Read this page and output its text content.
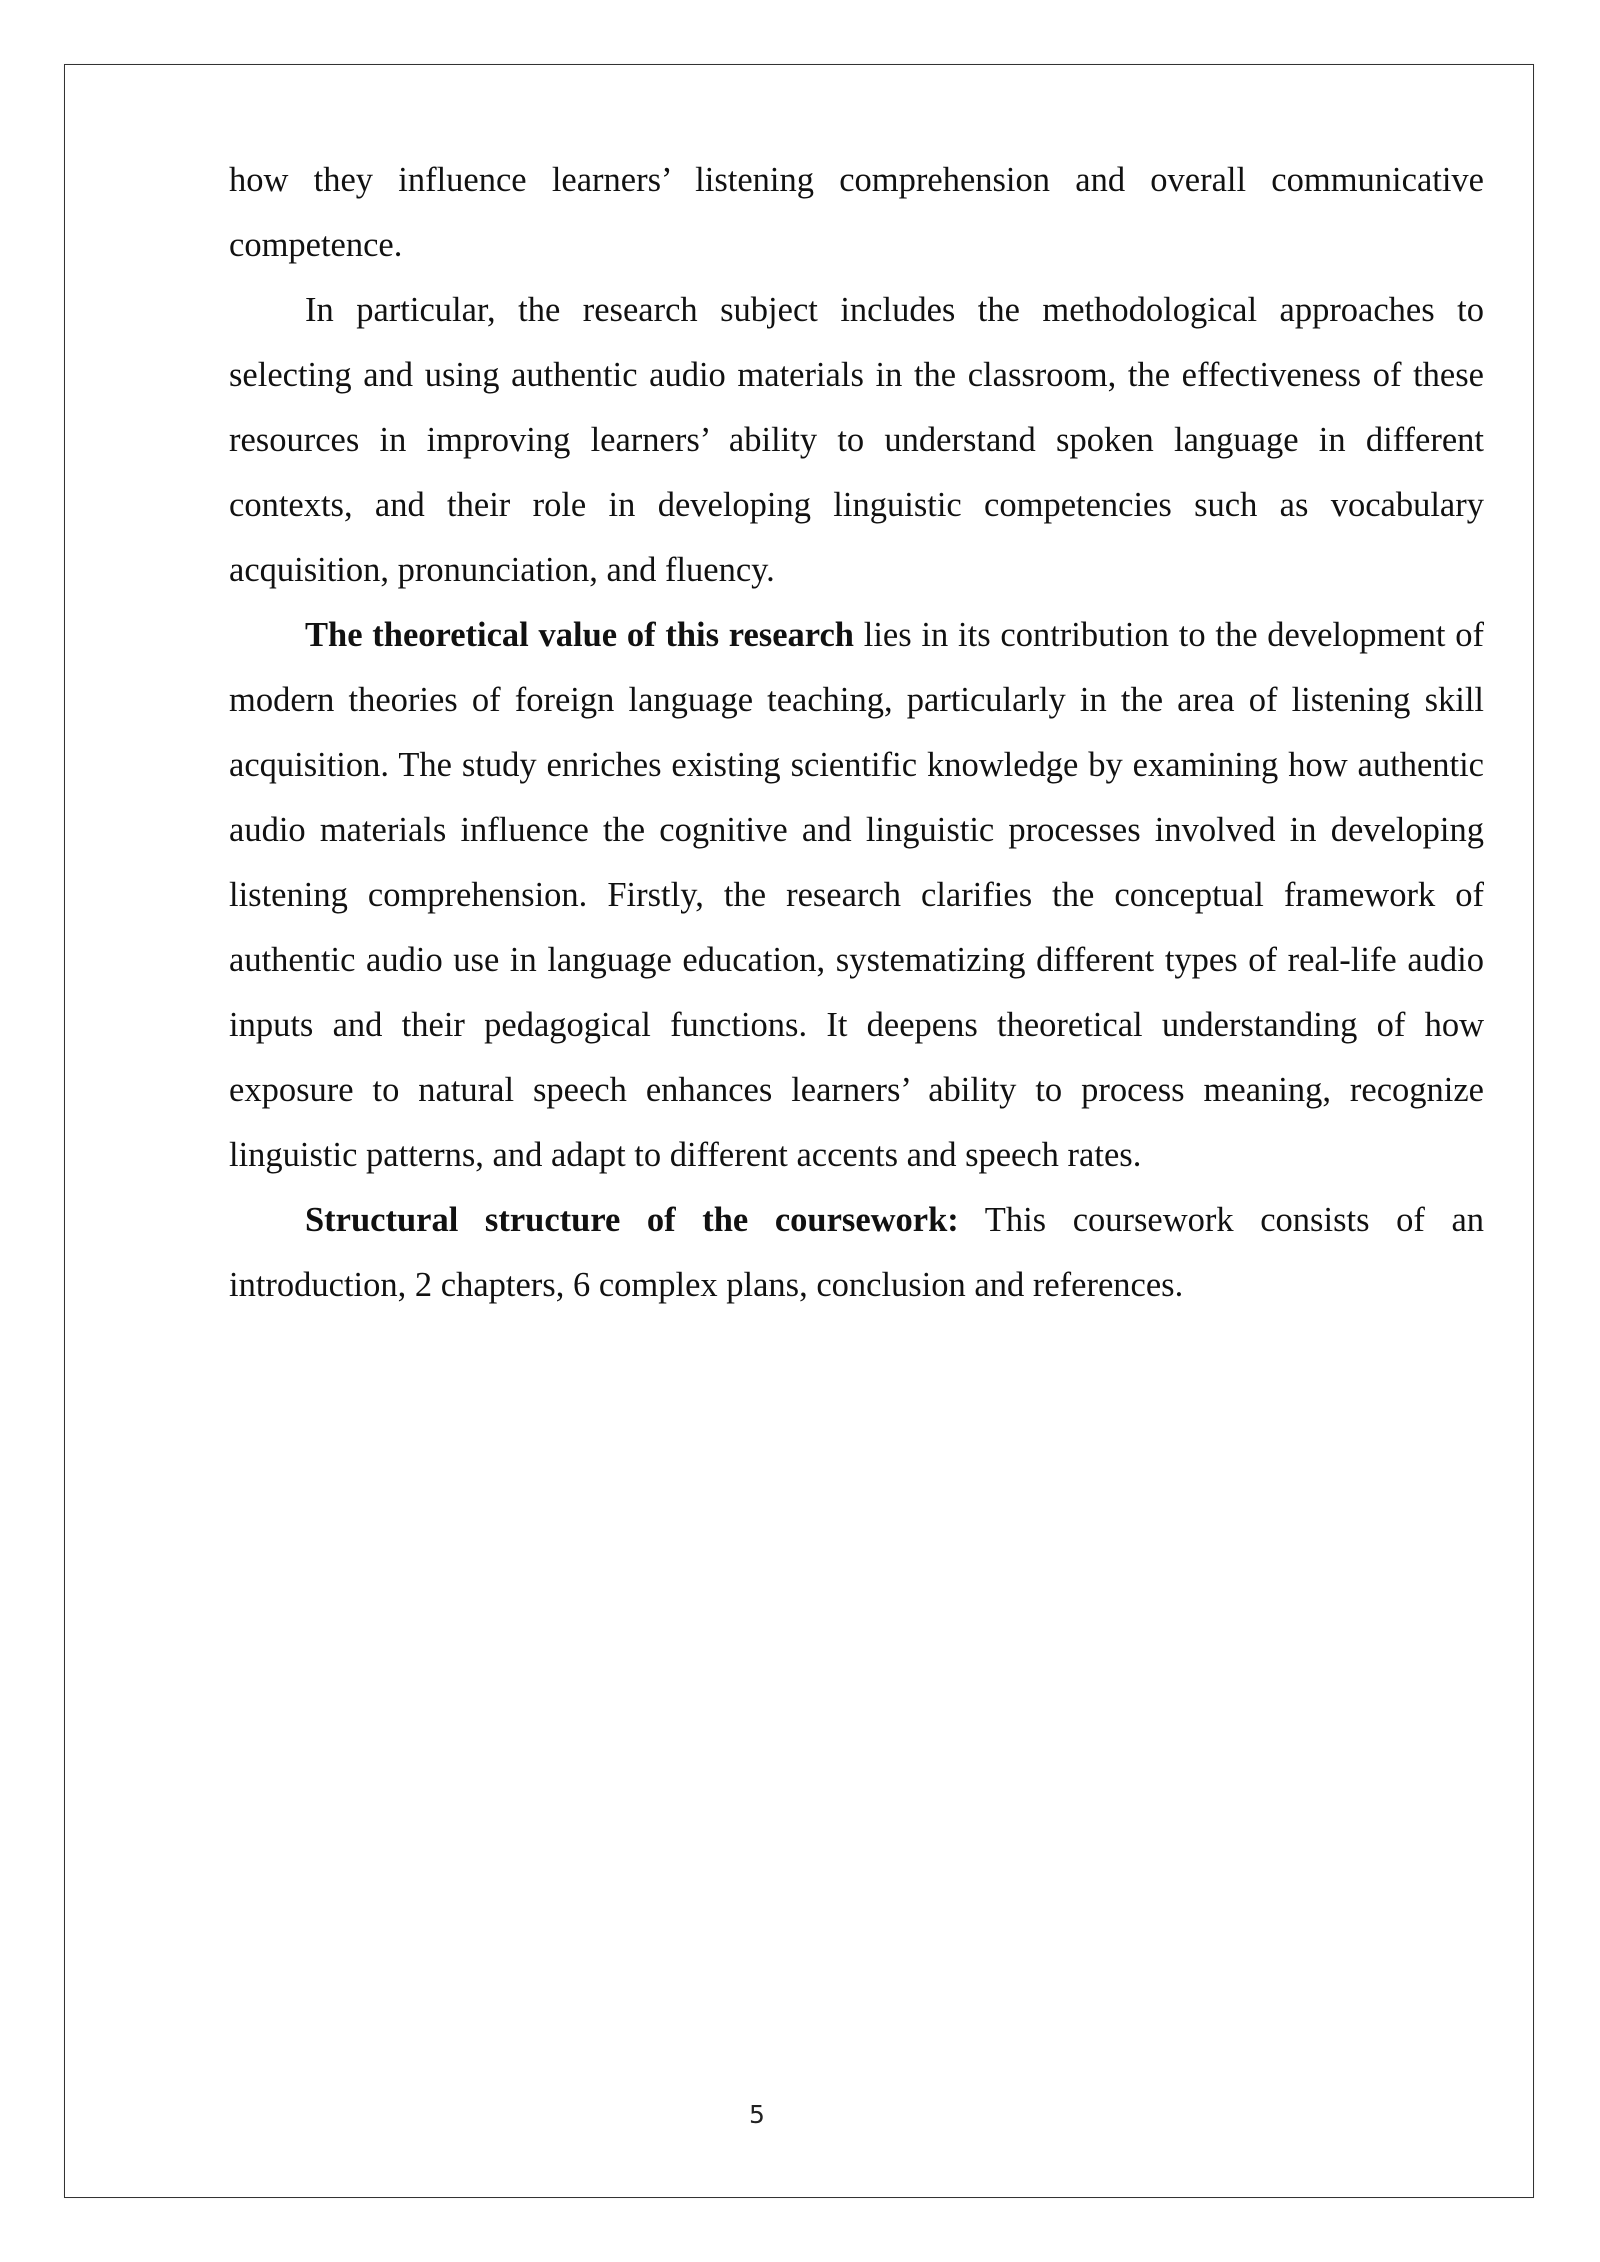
how they influence learners’ listening comprehension and overall communicative competence.

In particular, the research subject includes the methodological approaches to selecting and using authentic audio materials in the classroom, the effectiveness of these resources in improving learners’ ability to understand spoken language in different contexts, and their role in developing linguistic competencies such as vocabulary acquisition, pronunciation, and fluency.

The theoretical value of this research lies in its contribution to the development of modern theories of foreign language teaching, particularly in the area of listening skill acquisition. The study enriches existing scientific knowledge by examining how authentic audio materials influence the cognitive and linguistic processes involved in developing listening comprehension. Firstly, the research clarifies the conceptual framework of authentic audio use in language education, systematizing different types of real-life audio inputs and their pedagogical functions. It deepens theoretical understanding of how exposure to natural speech enhances learners’ ability to process meaning, recognize linguistic patterns, and adapt to different accents and speech rates.

Structural structure of the coursework: This coursework consists of an introduction, 2 chapters, 6 complex plans, conclusion and references.

5
